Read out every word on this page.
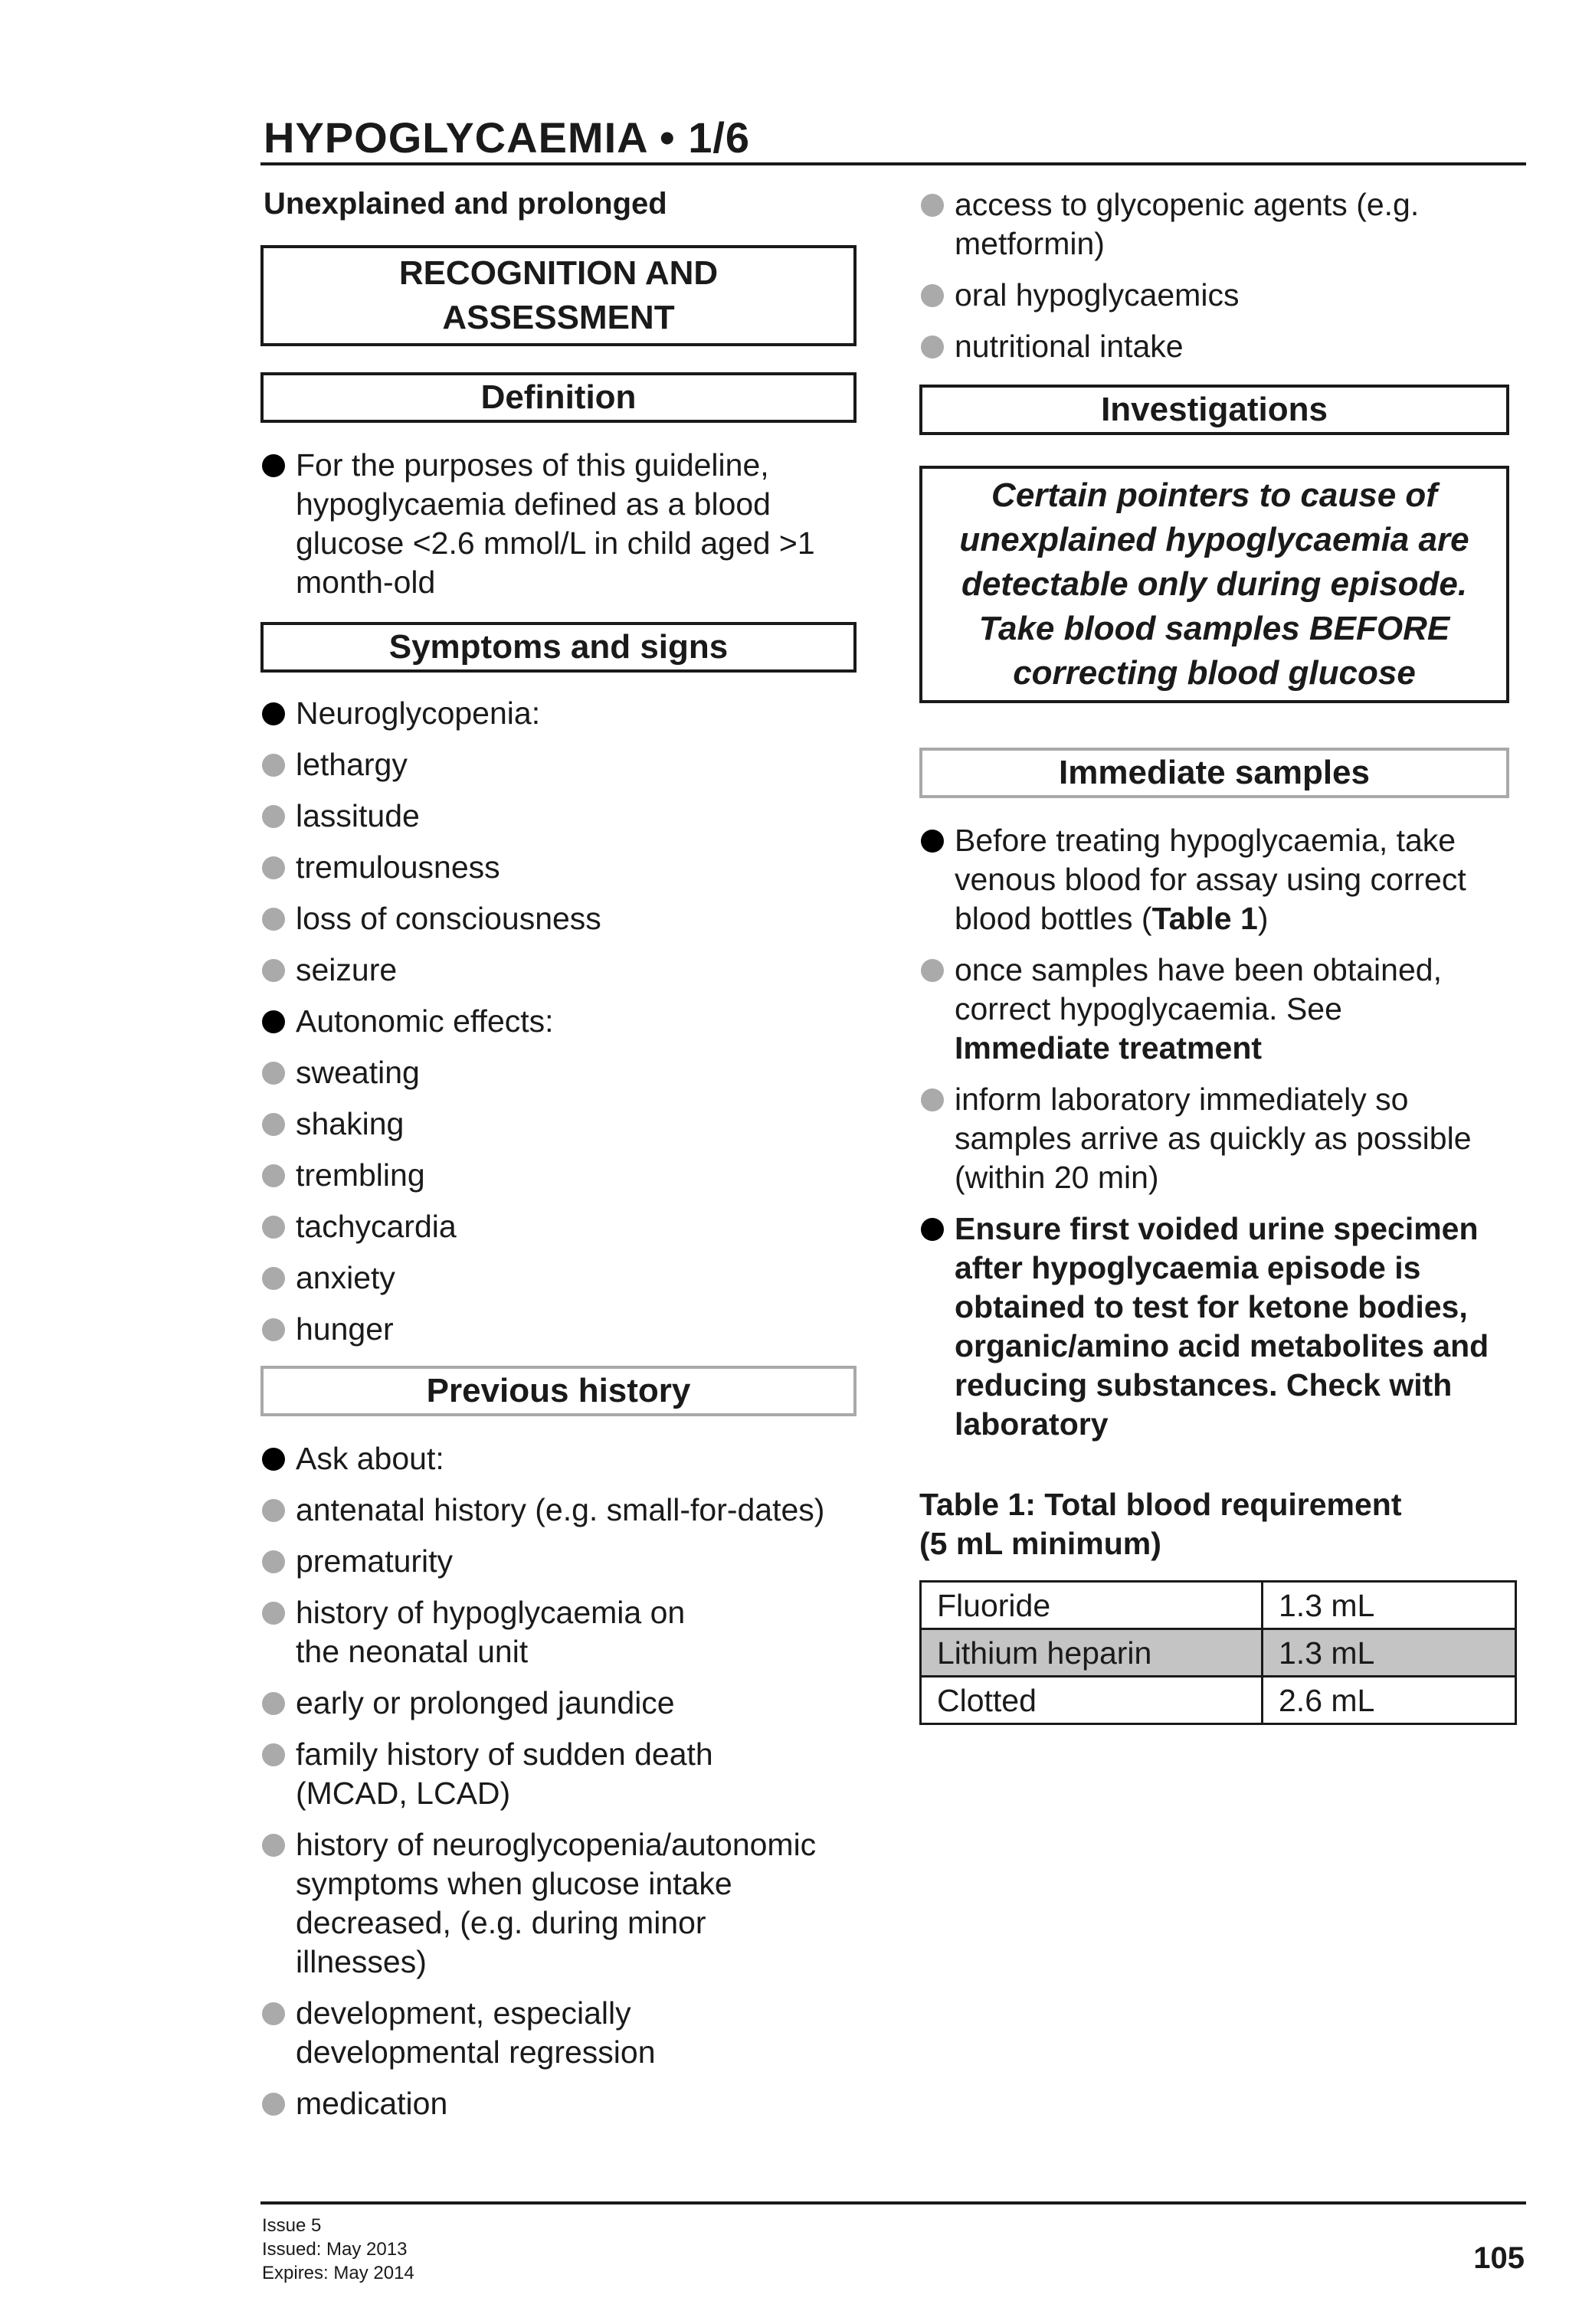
HYPOGLYCAEMIA • 1/6
Unexplained and prolonged
RECOGNITION AND
ASSESSMENT
Definition
For the purposes of this guideline, hypoglycaemia defined as a blood glucose <2.6 mmol/L in child aged >1 month-old
Symptoms and signs
Neuroglycopenia:
lethargy
lassitude
tremulousness
loss of consciousness
seizure
Autonomic effects:
sweating
shaking
trembling
tachycardia
anxiety
hunger
Previous history
Ask about:
antenatal history (e.g. small-for-dates)
prematurity
history of hypoglycaemia on the neonatal unit
early or prolonged jaundice
family history of sudden death (MCAD, LCAD)
history of neuroglycopenia/autonomic symptoms when glucose intake decreased, (e.g. during minor illnesses)
development, especially developmental regression
medication
access to glycopenic agents (e.g. metformin)
oral hypoglycaemics
nutritional intake
Investigations
Certain pointers to cause of unexplained hypoglycaemia are detectable only during episode. Take blood samples BEFORE correcting blood glucose
Immediate samples
Before treating hypoglycaemia, take venous blood for assay using correct blood bottles (Table 1)
once samples have been obtained, correct hypoglycaemia. See
Immediate treatment
inform laboratory immediately so samples arrive as quickly as possible (within 20 min)
Ensure first voided urine specimen after hypoglycaemia episode is obtained to test for ketone bodies, organic/amino acid metabolites and reducing substances. Check with laboratory
Table 1: Total blood requirement
(5 mL minimum)
Fluoride	1.3 mL
Lithium heparin	1.3 mL
Clotted	2.6 mL
Issue 5
Issued: May 2013
Expires: May 2014	105
